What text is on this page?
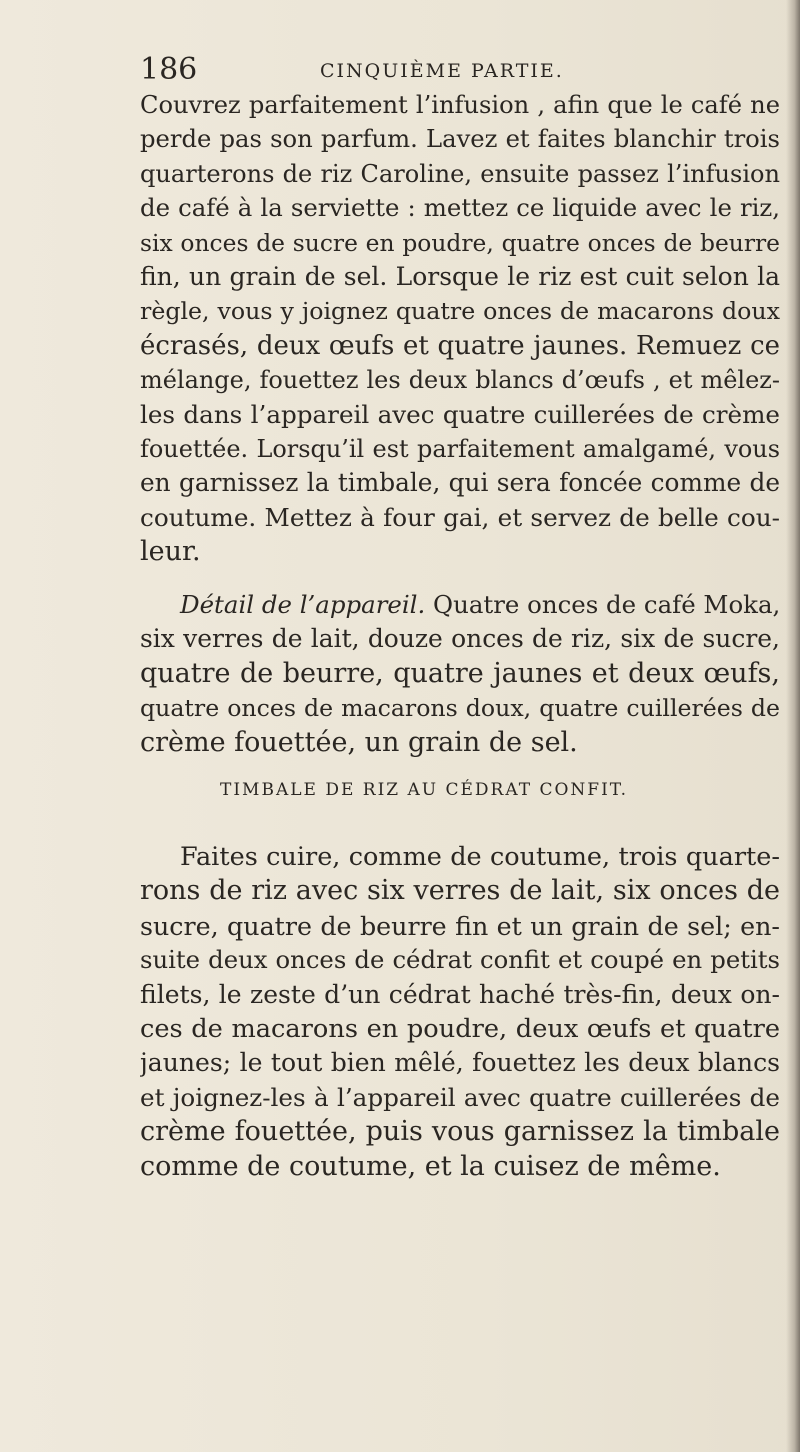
186	CINQUIÈME PARTIE.
Couvrez parfaitement l’infusion , afin que le café ne
perde pas son parfum. Lavez et faites blanchir trois
quarterons de riz Caroline, ensuite passez l’infusion
de café à la serviette : mettez ce liquide avec le riz,
six onces de sucre en poudre, quatre onces de beurre
fin, un grain de sel. Lorsque le riz est cuit selon la
règle, vous y joignez quatre onces de macarons doux
écrasés, deux œufs et quatre jaunes. Remuez ce
mélange, fouettez les deux blancs d’œufs , et mêlez-
les dans l’appareil avec quatre cuillerées de crème
fouettée. Lorsqu’il est parfaitement amalgamé, vous
en garnissez la timbale, qui sera foncée comme de
coutume. Mettez à four gai, et servez de belle cou-
leur.
Détail de l’appareil. Quatre onces de café Moka,
six verres de lait, douze onces de riz, six de sucre,
quatre de beurre, quatre jaunes et deux œufs,
quatre onces de macarons doux, quatre cuillerées de
crème fouettée, un grain de sel.
TIMBALE DE RIZ AU CÉDRAT CONFIT.
Faites cuire, comme de coutume, trois quarte-
rons de riz avec six verres de lait, six onces de
sucre, quatre de beurre fin et un grain de sel; en-
suite deux onces de cédrat confit et coupé en petits
filets, le zeste d’un cédrat haché très-fin, deux on-
ces de macarons en poudre, deux œufs et quatre
jaunes; le tout bien mêlé, fouettez les deux blancs
et joignez-les à l’appareil avec quatre cuillerées de
crème fouettée, puis vous garnissez la timbale
comme de coutume, et la cuisez de même.
